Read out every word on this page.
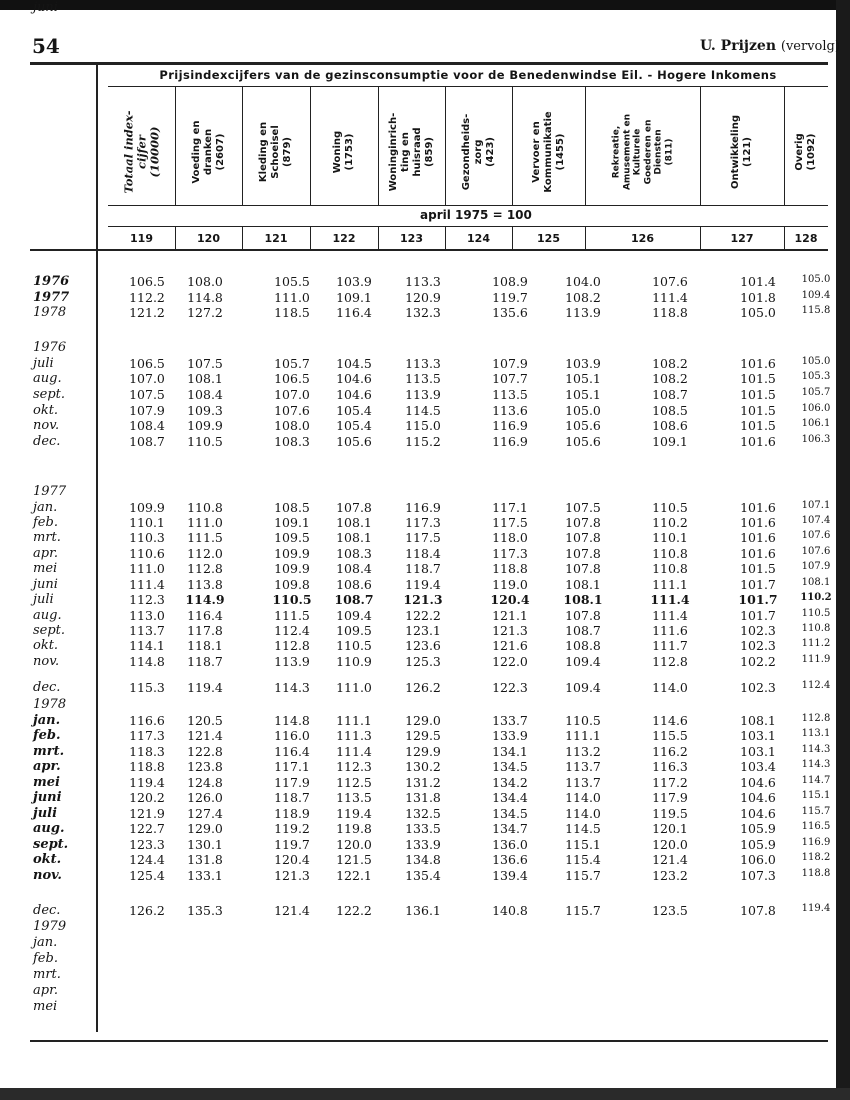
54	U. Prijzen (vervolg)
Prijsindexcijfers van de gezinsconsumptie voor de Benedenwindse Eil. - Hogere Inkomens
april 1975 = 100
Totaal index-
cijfer
(10000)
119
Voeding en
dranken
(2607)
120
Kleding en
Schoeisel
(879)
121
Woning
(1753)
122
Woninginrich-
ting en
huisraad
(859)
123
Gezondheids-
zorg
(423)
124
Vervoer en
Kommunikatie
(1455)
125
Rekreatie,
Amusement en
Kulturele
Goederen en
Diensten
(811)
126
Ontwikkeling
(121)
127
Overig
(1092)
128
1976	106.5	108.0	105.5	103.9	113.3	108.9	104.0	107.6	101.4	105.0
1977	112.2	114.8	111.0	109.1	120.9	119.7	108.2	111.4	101.8	109.4
1978	121.2	127.2	118.5	116.4	132.3	135.6	113.9	118.8	105.0	115.8
1976
juli	106.5	107.5	105.7	104.5	113.3	107.9	103.9	108.2	101.6	105.0
aug.	107.0	108.1	106.5	104.6	113.5	107.7	105.1	108.2	101.5	105.3
sept.	107.5	108.4	107.0	104.6	113.9	113.5	105.1	108.7	101.5	105.7
okt.	107.9	109.3	107.6	105.4	114.5	113.6	105.0	108.5	101.5	106.0
nov.	108.4	109.9	108.0	105.4	115.0	116.9	105.6	108.6	101.5	106.1
dec.	108.7	110.5	108.3	105.6	115.2	116.9	105.6	109.1	101.6	106.3
1977
jan.	109.9	110.8	108.5	107.8	116.9	117.1	107.5	110.5	101.6	107.1
feb.	110.1	111.0	109.1	108.1	117.3	117.5	107.8	110.2	101.6	107.4
mrt.	110.3	111.5	109.5	108.1	117.5	118.0	107.8	110.1	101.6	107.6
apr.	110.6	112.0	109.9	108.3	118.4	117.3	107.8	110.8	101.6	107.6
mei	111.0	112.8	109.9	108.4	118.7	118.8	107.8	110.8	101.5	107.9
juni	111.4	113.8	109.8	108.6	119.4	119.0	108.1	111.1	101.7	108.1
juli	112.3	114.9	110.5	108.7	121.3	120.4	108.1	111.4	101.7	110.2
aug.	113.0	116.4	111.5	109.4	122.2	121.1	107.8	111.4	101.7	110.5
sept.	113.7	117.8	112.4	109.5	123.1	121.3	108.7	111.6	102.3	110.8
okt.	114.1	118.1	112.8	110.5	123.6	121.6	108.8	111.7	102.3	111.2
nov.	114.8	118.7	113.9	110.9	125.3	122.0	109.4	112.8	102.2	111.9
dec.	115.3	119.4	114.3	111.0	126.2	122.3	109.4	114.0	102.3	112.4
1978
jan.	116.6	120.5	114.8	111.1	129.0	133.7	110.5	114.6	108.1	112.8
feb.	117.3	121.4	116.0	111.3	129.5	133.9	111.1	115.5	103.1	113.1
mrt.	118.3	122.8	116.4	111.4	129.9	134.1	113.2	116.2	103.1	114.3
apr.	118.8	123.8	117.1	112.3	130.2	134.5	113.7	116.3	103.4	114.3
mei	119.4	124.8	117.9	112.5	131.2	134.2	113.7	117.2	104.6	114.7
juni	120.2	126.0	118.7	113.5	131.8	134.4	114.0	117.9	104.6	115.1
juli	121.9	127.4	118.9	119.4	132.5	134.5	114.0	119.5	104.6	115.7
aug.	122.7	129.0	119.2	119.8	133.5	134.7	114.5	120.1	105.9	116.5
sept.	123.3	130.1	119.7	120.0	133.9	136.0	115.1	120.0	105.9	116.9
okt.	124.4	131.8	120.4	121.5	134.8	136.6	115.4	121.4	106.0	118.2
nov.	125.4	133.1	121.3	122.1	135.4	139.4	115.7	123.2	107.3	118.8
dec.	126.2	135.3	121.4	122.2	136.1	140.8	115.7	123.5	107.8	119.4
1979
jan.
feb.
mrt.
apr.
mei
juni
